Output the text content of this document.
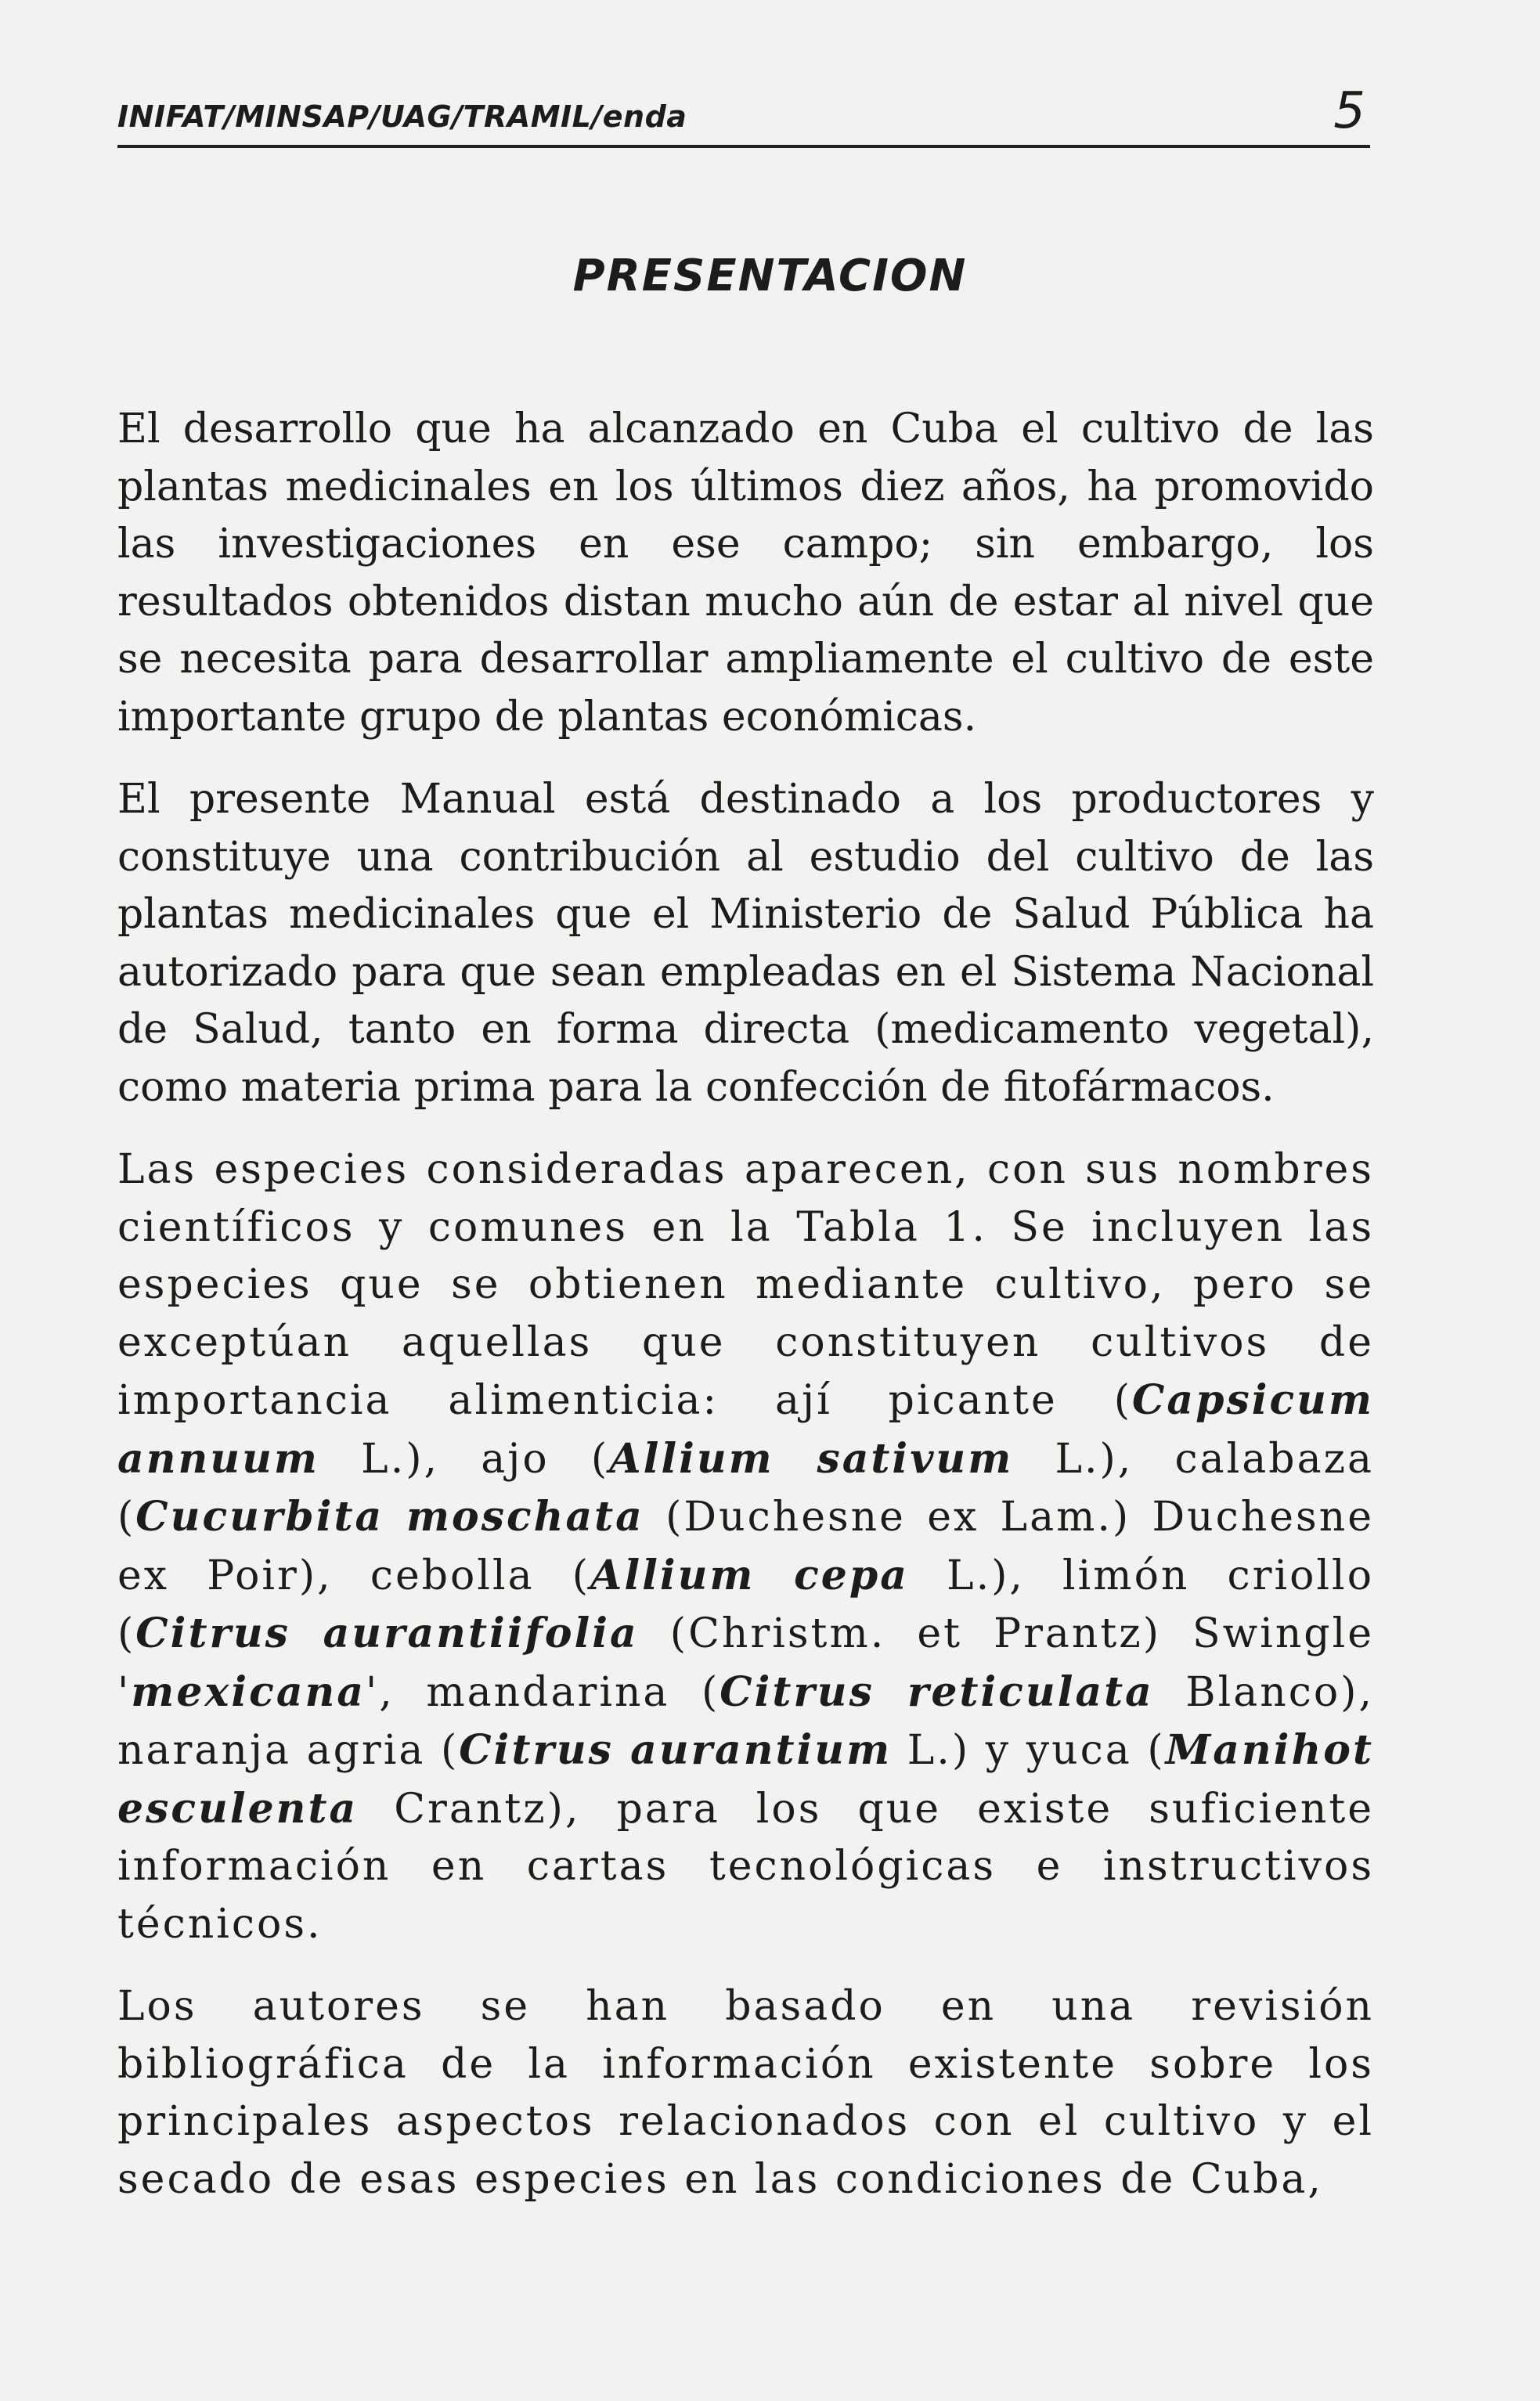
INIFAT/MINSAP/UAG/TRAMIL/enda	5
PRESENTACION

El desarrollo que ha alcanzado en Cuba el cultivo de las plantas medicinales en los últimos diez años, ha promovido las investigaciones en ese campo; sin embargo, los resultados obtenidos distan mucho aún de estar al nivel que se necesita para desarrollar ampliamente el cultivo de este importante grupo de plantas económicas.

El presente Manual está destinado a los productores y constituye una contribución al estudio del cultivo de las plantas medicinales que el Ministerio de Salud Pública ha autorizado para que sean empleadas en el Sistema Nacional de Salud, tanto en forma directa (medicamento vegetal), como materia prima para la confección de fitofármacos.

Las especies consideradas aparecen, con sus nombres científicos y comunes en la Tabla 1. Se incluyen las especies que se obtienen mediante cultivo, pero se exceptúan aquellas que constituyen cultivos de importancia alimenticia: ají picante (Capsicum annuum L.), ajo (Allium sativum L.), calabaza (Cucurbita moschata (Duchesne ex Lam.) Duchesne ex Poir), cebolla (Allium cepa L.), limón criollo (Citrus aurantiifolia (Christm. et Prantz) Swingle 'mexicana', mandarina (Citrus reticulata Blanco), naranja agria (Citrus aurantium L.) y yuca (Manihot esculenta Crantz), para los que existe suficiente información en cartas tecnológicas e instructivos técnicos.

Los autores se han basado en una revisión bibliográfica de la información existente sobre los principales aspectos relacionados con el cultivo y el secado de esas especies en las condiciones de Cuba,
